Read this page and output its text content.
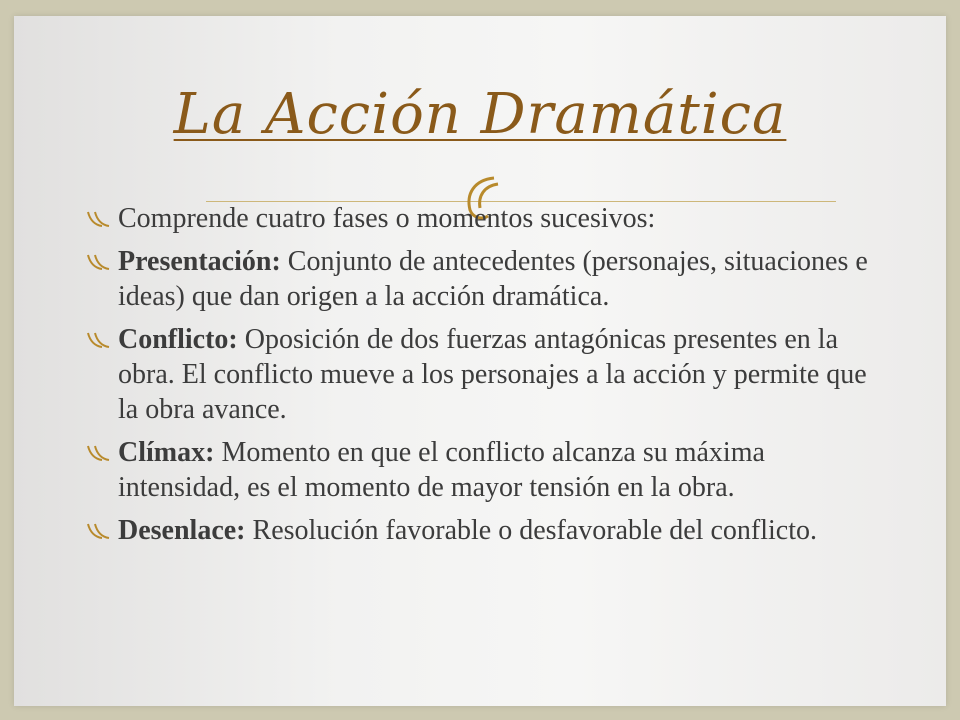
La Acción Dramática
Comprende cuatro fases o momentos sucesivos:
Presentación: Conjunto de antecedentes (personajes, situaciones e ideas) que dan origen a la acción dramática.
Conflicto: Oposición de dos fuerzas antagónicas presentes en la obra. El conflicto mueve a los personajes a la acción y permite que la obra avance.
Clímax: Momento en que el conflicto alcanza su máxima intensidad, es el momento de mayor tensión en la obra.
Desenlace: Resolución favorable o desfavorable del conflicto.
